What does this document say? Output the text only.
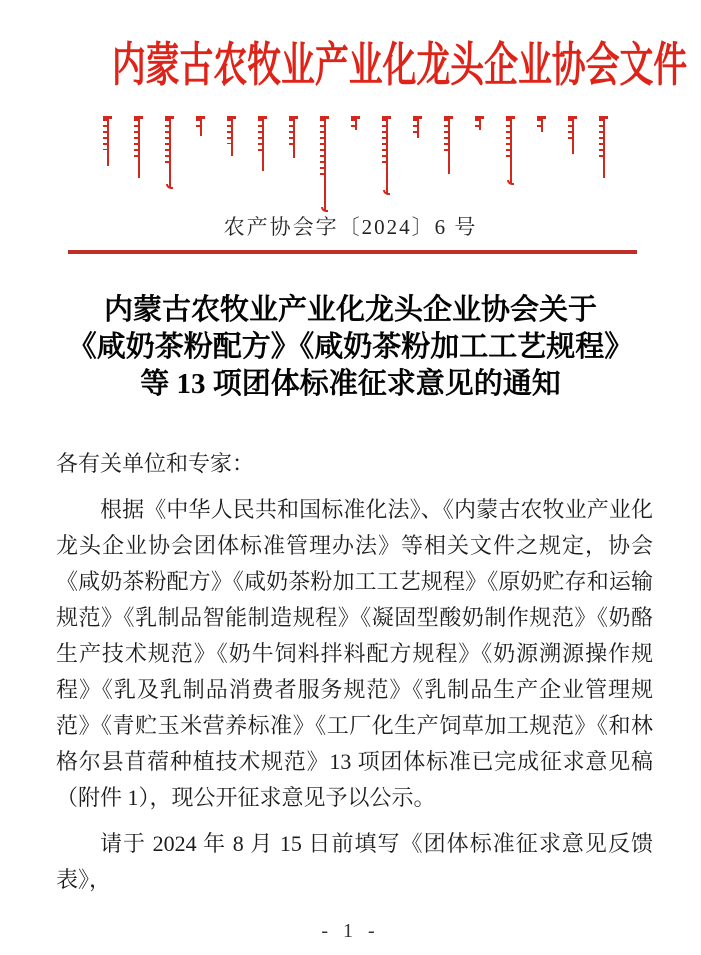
内蒙古农牧业产业化龙头企业协会文件
农产协会字〔2024〕6 号
内蒙古农牧业产业化龙头企业协会关于
《咸奶茶粉配方》《咸奶茶粉加工工艺规程》
等 13 项团体标准征求意见的通知
各有关单位和专家：

根据《中华人民共和国标准化法》、《内蒙古农牧业产业化龙头企业协会团体标准管理办法》等相关文件之规定，协会《咸奶茶粉配方》《咸奶茶粉加工工艺规程》《原奶贮存和运输规范》《乳制品智能制造规程》《凝固型酸奶制作规范》《奶酪生产技术规范》《奶牛饲料拌料配方规程》《奶源溯源操作规程》《乳及乳制品消费者服务规范》《乳制品生产企业管理规范》《青贮玉米营养标准》《工厂化生产饲草加工规范》《和林格尔县苜蓿种植技术规范》13 项团体标准已完成征求意见稿（附件 1），现公开征求意见予以公示。

请于 2024 年 8 月 15 日前填写《团体标准征求意见反馈表》，

- 1 -
